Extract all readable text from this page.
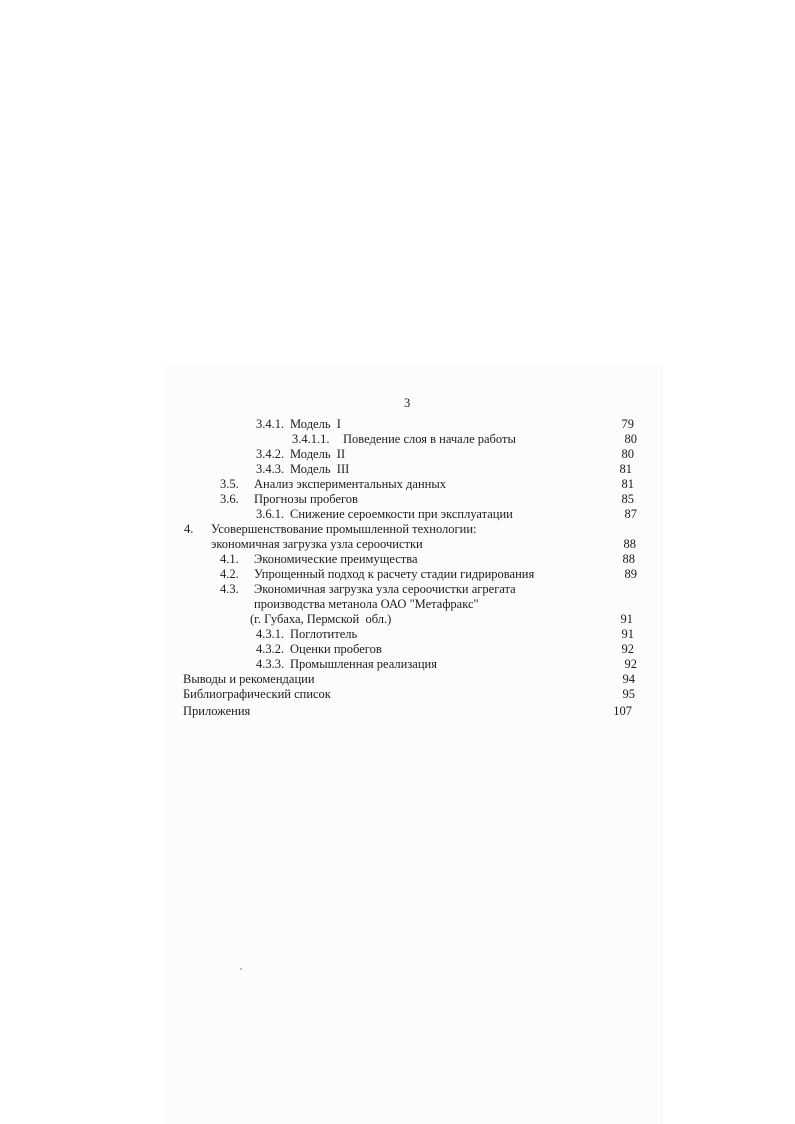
3
3.4.1. Модель  I	79
3.4.1.1. Поведение слоя в начале работы	80
3.4.2. Модель  II	80
3.4.3. Модель  III	81
3.5. Анализ экспериментальных данных	81
3.6. Прогнозы пробегов	85
3.6.1. Снижение сероемкости при эксплуатации	87
4. Усовершенствование промышленной технологии:
экономичная загрузка узла сероочистки	88
4.1. Экономические преимущества	88
4.2. Упрощенный подход к расчету стадии гидрирования	89
4.3. Экономичная загрузка узла сероочистки агрегата
производства метанола ОАО "Метафракс"
(г. Губаха, Пермской  обл.)	91
4.3.1. Поглотитель	91
4.3.2. Оценки пробегов	92
4.3.3. Промышленная реализация	92
Выводы и рекомендации	94
Библиографический список	95
Приложения	107
